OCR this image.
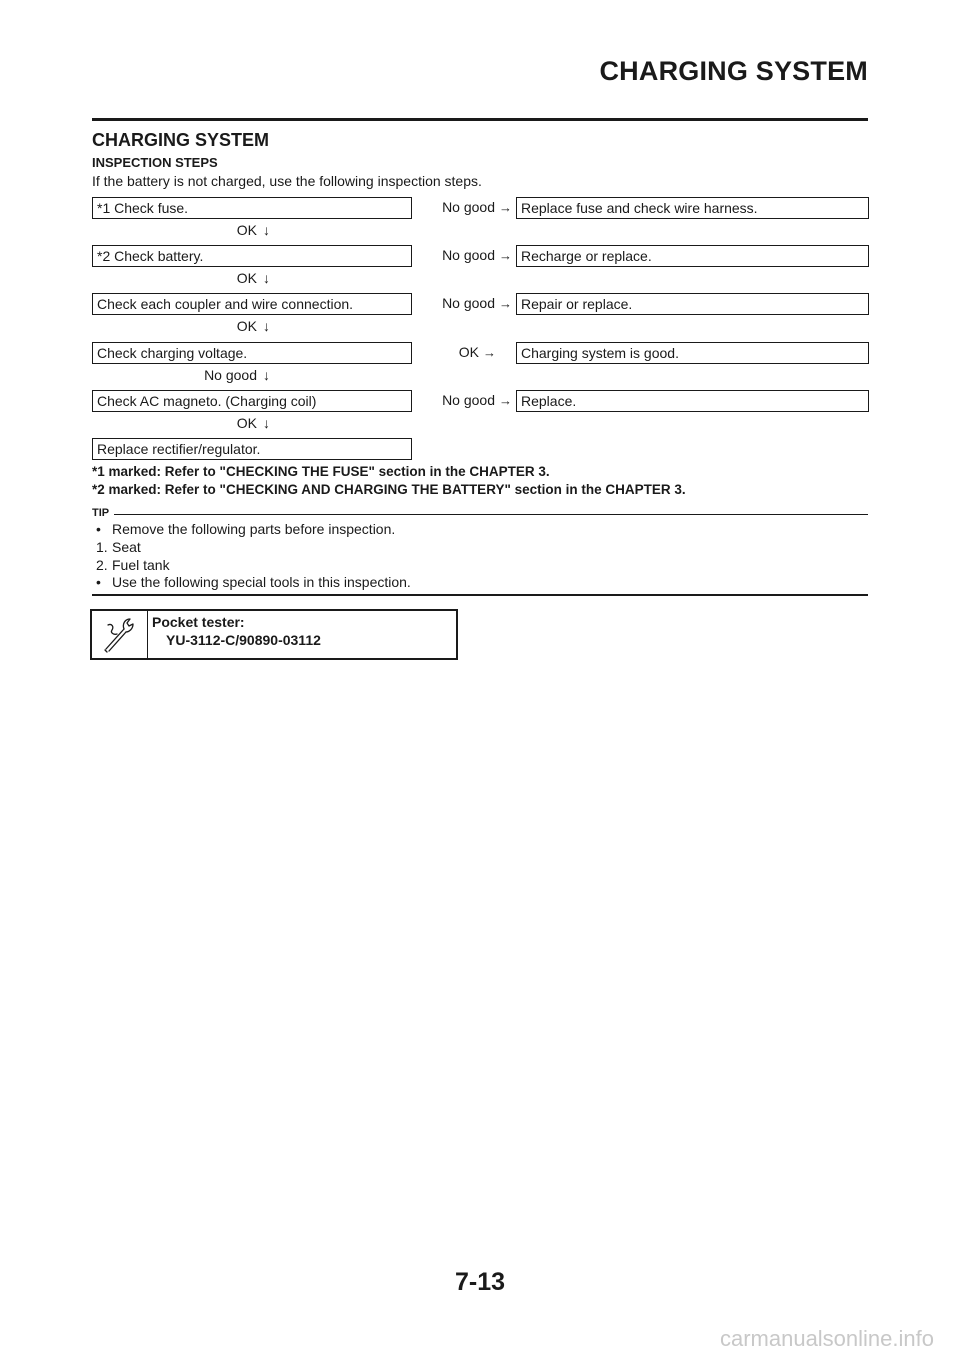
CHARGING SYSTEM
CHARGING SYSTEM
INSPECTION STEPS
If the battery is not charged, use the following inspection steps.
*1 Check fuse.	No good → Replace fuse and check wire harness.
OK ↓
*2 Check battery.	No good → Recharge or replace.
OK ↓
Check each coupler and wire connection.	No good → Repair or replace.
OK ↓
Check charging voltage.	OK →	Charging system is good.
No good ↓
Check AC magneto. (Charging coil)	No good → Replace.
OK ↓
Replace rectifier/regulator.
*1 marked: Refer to "CHECKING THE FUSE" section in the CHAPTER 3.
*2 marked: Refer to "CHECKING AND CHARGING THE BATTERY" section in the CHAPTER 3.
TIP
• Remove the following parts before inspection.
1. Seat
2. Fuel tank
• Use the following special tools in this inspection.
Pocket tester:
YU-3112-C/90890-03112
7-13
carmanualsonline.info
